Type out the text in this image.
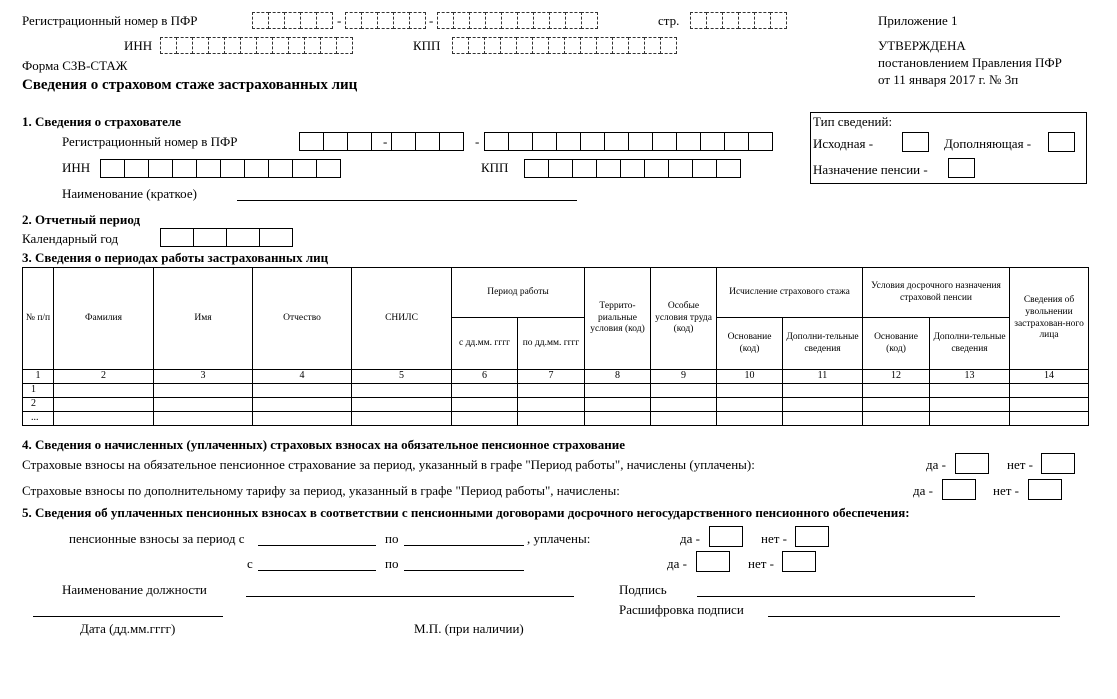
Регистрационный номер в ПФР	-	-	стр.
ИНН	КПП
Форма СЗВ-СТАЖ
Сведения о страховом стаже застрахованных лиц
Приложение 1
УТВЕРЖДЕНА
постановлением Правления ПФР
от 11 января 2017 г. № 3п
1. Сведения о страхователе
Регистрационный номер в ПФР	-	-
ИНН	КПП
Наименование (краткое)
Тип сведений:
Исходная -	Дополняющая -
Назначение пенсии -
2. Отчетный период
Календарный год
3. Сведения о периодах работы застрахованных лиц
№ п/п	Фамилия	Имя	Отчество	СНИЛС	Период работы		Террито-риальные условия (код)	Особые условия труда (код)	Исчисление страхового стажа		Условия досрочного назначения страховой пенсии		Сведения об увольнении застрахован-ного лица
					с дд.мм. гггг	по дд.мм. гггг			Основание (код)	Дополни-тельные сведения	Основание (код)	Дополни-тельные сведения	
1	2	3	4	5	6	7	8	9	10	11	12	13	14
1													
2													
...													
4. Сведения о начисленных (уплаченных) страховых взносах на обязательное пенсионное страхование
Страховые взносы на обязательное пенсионное страхование за период, указанный в графе "Период работы", начислены (уплачены):	да -	нет -
Страховые взносы по дополнительному тарифу за период, указанный в графе "Период работы", начислены:	да -	нет -
5. Сведения об уплаченных пенсионных взносах в соответствии с пенсионными договорами досрочного негосударственного пенсионного обеспечения:
пенсионные взносы за период с	по	, уплачены:	да -	нет -
с	по	да -	нет -
Наименование должности	Подпись
Расшифровка подписи
Дата (дд.мм.гггг)	М.П. (при наличии)
